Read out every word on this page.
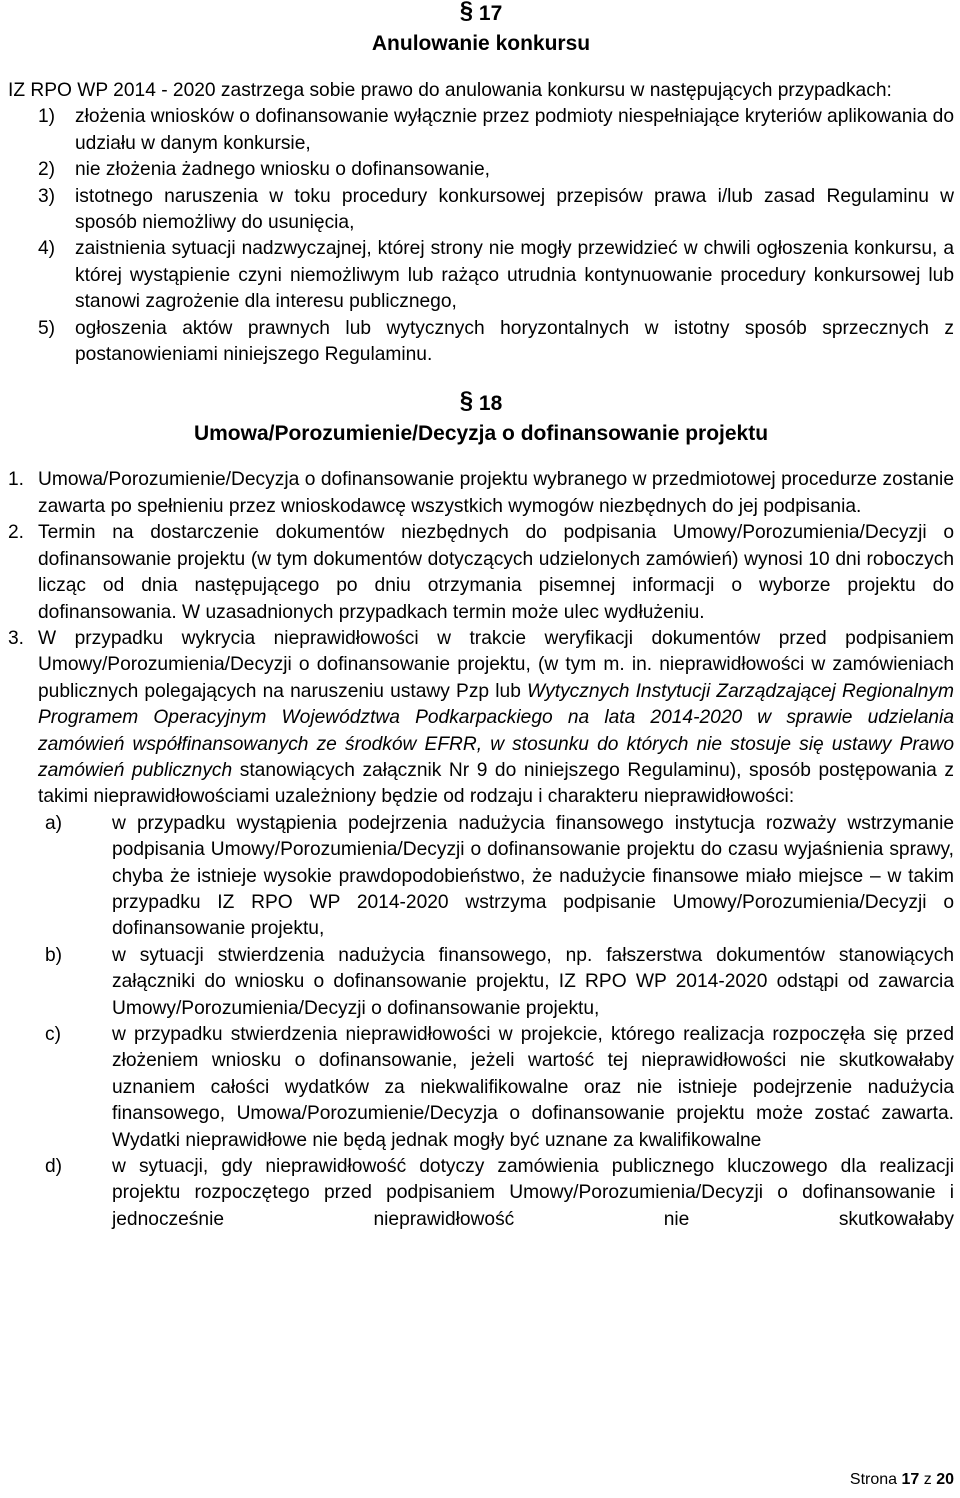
§ 17
Anulowanie konkursu

IZ RPO WP 2014 - 2020 zastrzega sobie prawo do anulowania konkursu w następujących przypadkach:

1)	złożenia wniosków o dofinansowanie wyłącznie przez podmioty niespełniające kryteriów aplikowania do udziału w danym konkursie,
2)	nie złożenia żadnego wniosku o dofinansowanie,
3)	istotnego naruszenia w toku procedury konkursowej przepisów prawa i/lub zasad Regulaminu w sposób niemożliwy do usunięcia,
4)	zaistnienia sytuacji nadzwyczajnej, której strony nie mogły przewidzieć w chwili ogłoszenia konkursu, a której wystąpienie czyni niemożliwym lub rażąco utrudnia kontynuowanie procedury konkursowej lub stanowi zagrożenie dla interesu publicznego,
5)	ogłoszenia aktów prawnych lub wytycznych horyzontalnych w istotny sposób sprzecznych z postanowieniami niniejszego Regulaminu.
§ 18
Umowa/Porozumienie/Decyzja o dofinansowanie projektu
1. Umowa/Porozumienie/Decyzja o dofinansowanie projektu wybranego w przedmiotowej procedurze zostanie zawarta po spełnieniu przez wnioskodawcę wszystkich wymogów niezbędnych do jej podpisania.
2. Termin na dostarczenie dokumentów niezbędnych do podpisania Umowy/Porozumienia/Decyzji o dofinansowanie projektu (w tym dokumentów dotyczących udzielonych zamówień) wynosi 10 dni roboczych licząc od dnia następującego po dniu otrzymania pisemnej informacji o wyborze projektu do dofinansowania. W uzasadnionych przypadkach termin może ulec wydłużeniu.
3. W przypadku wykrycia nieprawidłowości w trakcie weryfikacji dokumentów przed podpisaniem Umowy/Porozumienia/Decyzji o dofinansowanie projektu, (w tym m. in. nieprawidłowości w zamówieniach publicznych polegających na naruszeniu ustawy Pzp lub Wytycznych Instytucji Zarządzającej Regionalnym Programem Operacyjnym Województwa Podkarpackiego na lata 2014-2020 w sprawie udzielania zamówień współfinansowanych ze środków EFRR, w stosunku do których nie stosuje się ustawy Prawo zamówień publicznych stanowiących załącznik Nr 9 do niniejszego Regulaminu), sposób postępowania z takimi nieprawidłowościami uzależniony będzie od rodzaju i charakteru nieprawidłowości:
a)	w przypadku wystąpienia podejrzenia nadużycia finansowego instytucja rozważy wstrzymanie podpisania Umowy/Porozumienia/Decyzji o dofinansowanie projektu do czasu wyjaśnienia sprawy, chyba że istnieje wysokie prawdopodobieństwo, że nadużycie finansowe miało miejsce – w takim przypadku IZ RPO WP 2014-2020 wstrzyma podpisanie Umowy/Porozumienia/Decyzji o dofinansowanie projektu,
b)	w sytuacji stwierdzenia nadużycia finansowego, np. fałszerstwa dokumentów stanowiących załączniki do wniosku o dofinansowanie projektu, IZ RPO WP 2014-2020 odstąpi od zawarcia Umowy/Porozumienia/Decyzji o dofinansowanie projektu,
c)	w przypadku stwierdzenia nieprawidłowości w projekcie, którego realizacja rozpoczęła się przed złożeniem wniosku o dofinansowanie, jeżeli wartość tej nieprawidłowości nie skutkowałaby uznaniem całości wydatków za niekwalifikowalne oraz nie istnieje podejrzenie nadużycia finansowego, Umowa/Porozumienie/Decyzja o dofinansowanie projektu może zostać zawarta. Wydatki nieprawidłowe nie będą jednak mogły być uznane za kwalifikowalne
d)	w sytuacji, gdy nieprawidłowość dotyczy zamówienia publicznego kluczowego dla realizacji projektu rozpoczętego przed podpisaniem Umowy/Porozumienia/Decyzji o dofinansowanie i jednocześnie nieprawidłowość nie skutkowałaby
Strona 17 z 20
